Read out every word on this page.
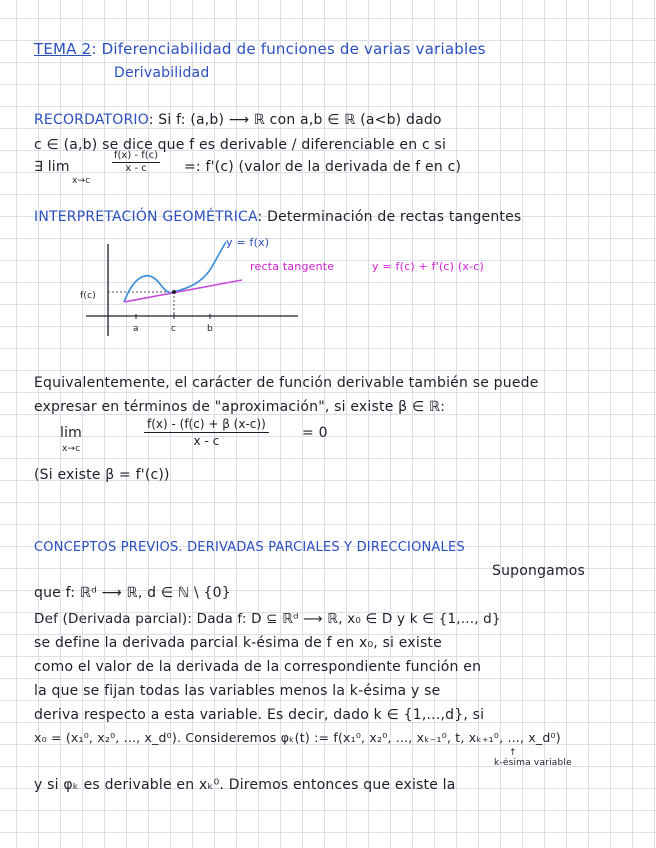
TEMA 2: Diferenciabilidad de funciones de varias variables
Derivabilidad
RECORDATORIO: Si f: (a,b) ⟶ ℝ con a,b ∈ ℝ (a<b) dado
c ∈ (a,b) se dice que f es derivable / diferenciable en c si
∃ lim
x→c
$\frac{f(x) - f(c)}{x - c}$ =: f'(c) (valor de la derivada de f en c)
INTERPRETACIÓN GEOMÉTRICA: Determinación de rectas tangentes
y = f(x)
recta tangente	y = f(c) + f'(c) (x-c)
f(c)
a	c	b
Equivalentemente, el carácter de función derivable también se puede
expresar en términos de "aproximación", si existe β ∈ ℝ:
lim
x→c	$\frac{f(x) - (f(c) + \beta (x-c))}{x - c} = 0$
(Si existe β = f'(c))
CONCEPTOS PREVIOS. DERIVADAS PARCIALES Y DIRECCIONALES
Supongamos
que f: ℝᵈ ⟶ ℝ, d ∈ ℕ \ {0}
Def (Derivada parcial): Dada f: D ⊆ ℝᵈ ⟶ ℝ, x₀ ∈ D y k ∈ {1,..., d}
se define la derivada parcial k-ésima de f en x₀, si existe
como el valor de la derivada de la correspondiente función en
la que se fijan todas las variables menos la k-ésima y se
deriva respecto a esta variable. Es decir, dado k ∈ {1,...,d}, si
x₀ = (x₁⁰, x₂⁰, ..., x_d⁰). Consideremos φₖ(t) := f(x₁⁰, x₂⁰, ..., xₖ₋₁⁰, t, xₖ₊₁⁰, ..., x_d⁰)
↑
k-ésima variable
y si φₖ es derivable en xₖ⁰. Diremos entonces que existe la
